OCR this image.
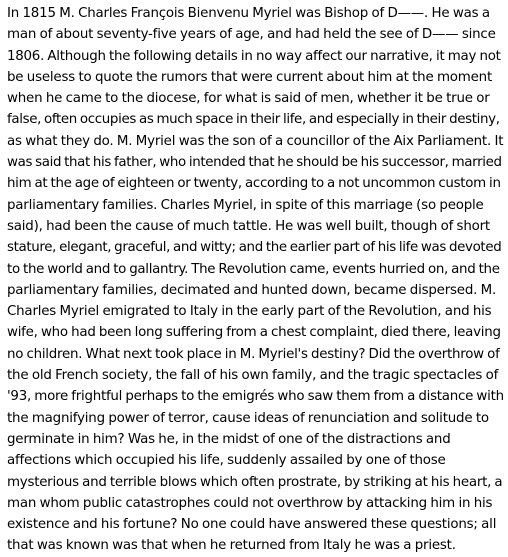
In 1815 M. Charles François Bienvenu Myriel was Bishop of D——. He was a
man of about seventy-five years of age, and had held the see of D—— since
1806. Although the following details in no way affect our narrative, it may not
be useless to quote the rumors that were current about him at the moment
when he came to the diocese, for what is said of men, whether it be true or
false, often occupies as much space in their life, and especially in their destiny,
as what they do. M. Myriel was the son of a councillor of the Aix Parliament. It
was said that his father, who intended that he should be his successor, married
him at the age of eighteen or twenty, according to a not uncommon custom in
parliamentary families. Charles Myriel, in spite of this marriage (so people
said), had been the cause of much tattle. He was well built, though of short
stature, elegant, graceful, and witty; and the earlier part of his life was devoted
to the world and to gallantry. The Revolution came, events hurried on, and the
parliamentary families, decimated and hunted down, became dispersed. M.
Charles Myriel emigrated to Italy in the early part of the Revolution, and his
wife, who had been long suffering from a chest complaint, died there, leaving
no children. What next took place in M. Myriel's destiny? Did the overthrow of
the old French society, the fall of his own family, and the tragic spectacles of
'93, more frightful perhaps to the emigrés who saw them from a distance with
the magnifying power of terror, cause ideas of renunciation and solitude to
germinate in him? Was he, in the midst of one of the distractions and
affections which occupied his life, suddenly assailed by one of those
mysterious and terrible blows which often prostrate, by striking at his heart, a
man whom public catastrophes could not overthrow by attacking him in his
existence and his fortune? No one could have answered these questions; all
that was known was that when he returned from Italy he was a priest.
